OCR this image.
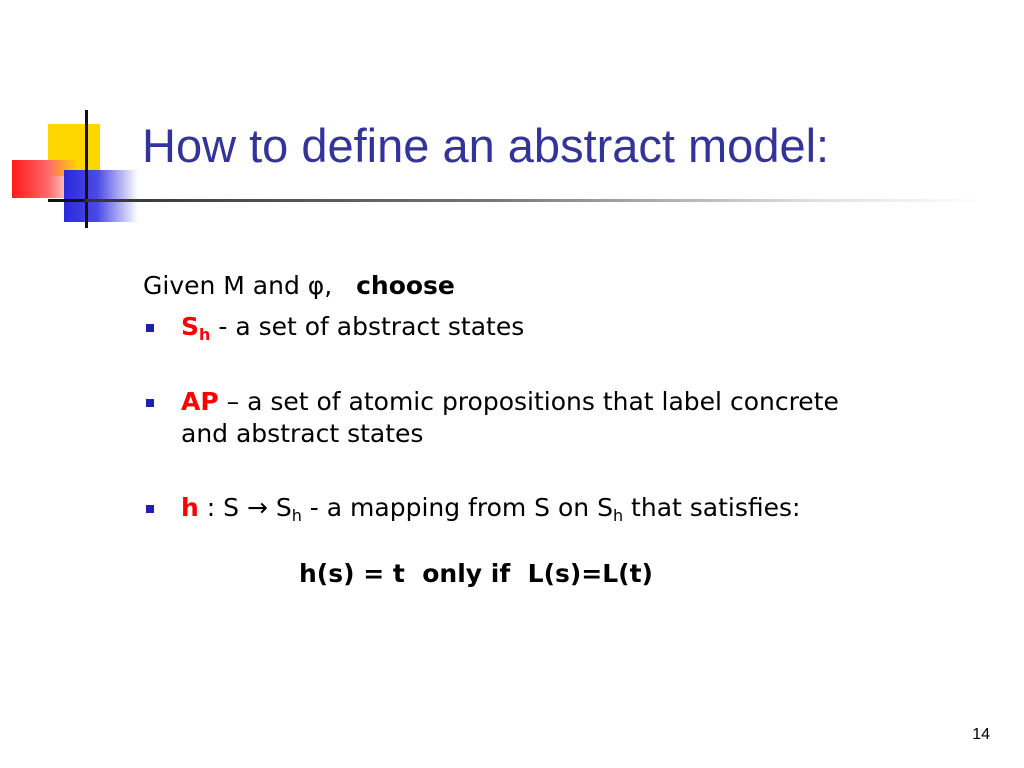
How to define an abstract model:
Given M and φ, choose
$S_h$ - a set of abstract states
AP – a set of atomic propositions that label concrete
and abstract states
h : $S \to S_h - a$ mapping from S on $S_h$ that satisfies:
h(s) = t  only if  L(s)=L(t)
14
